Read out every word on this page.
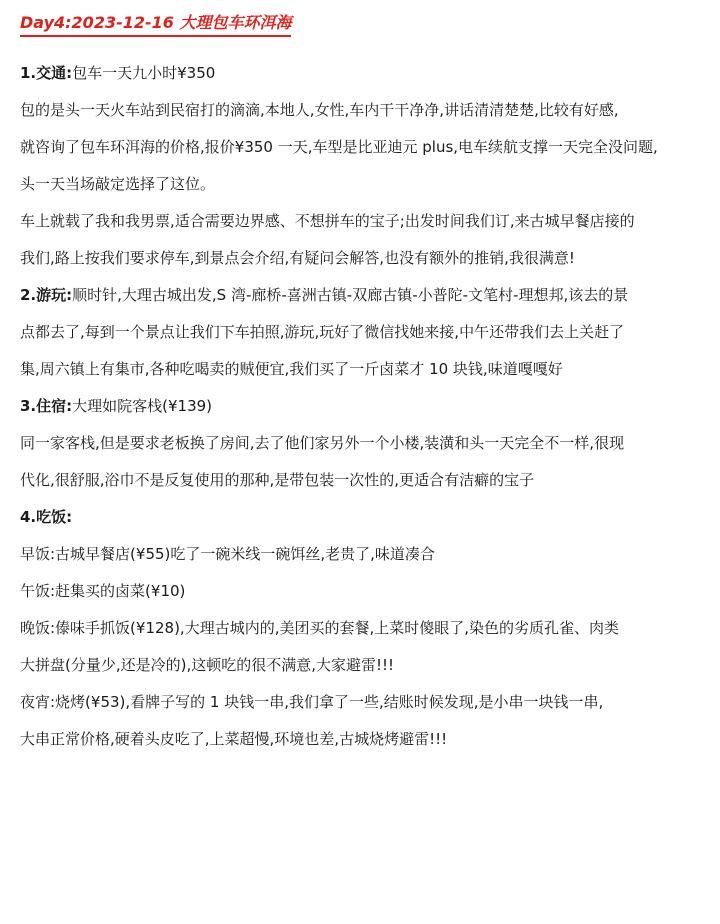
Day4:2023-12-16 大理包车环洱海

1.交通:包车一天九小时¥350

包的是头一天火车站到民宿打的滴滴,本地人,女性,车内干干净净,讲话清清楚楚,比较有好感,

就咨询了包车环洱海的价格,报价¥350 一天,车型是比亚迪元 plus,电车续航支撑一天完全没问题,

头一天当场敲定选择了这位。

车上就载了我和我男票,适合需要边界感、不想拼车的宝子;出发时间我们订,来古城早餐店接的

我们,路上按我们要求停车,到景点会介绍,有疑问会解答,也没有额外的推销,我很满意!

2.游玩:顺时针,大理古城出发,S 湾-廊桥-喜洲古镇-双廊古镇-小普陀-文笔村-理想邦,该去的景

点都去了,每到一个景点让我们下车拍照,游玩,玩好了微信找她来接,中午还带我们去上关赶了

集,周六镇上有集市,各种吃喝卖的贼便宜,我们买了一斤卤菜才 10 块钱,味道嘎嘎好

3.住宿:大理如院客栈(¥139)

同一家客栈,但是要求老板换了房间,去了他们家另外一个小楼,装潢和头一天完全不一样,很现

代化,很舒服,浴巾不是反复使用的那种,是带包装一次性的,更适合有洁癖的宝子

4.吃饭:

早饭:古城早餐店(¥55)吃了一碗米线一碗饵丝,老贵了,味道凑合

午饭:赶集买的卤菜(¥10)

晚饭:傣味手抓饭(¥128),大理古城内的,美团买的套餐,上菜时傻眼了,染色的劣质孔雀、肉类

大拼盘(分量少,还是冷的),这顿吃的很不满意,大家避雷!!!

夜宵:烧烤(¥53),看牌子写的 1 块钱一串,我们拿了一些,结账时候发现,是小串一块钱一串,

大串正常价格,硬着头皮吃了,上菜超慢,环境也差,古城烧烤避雷!!!
